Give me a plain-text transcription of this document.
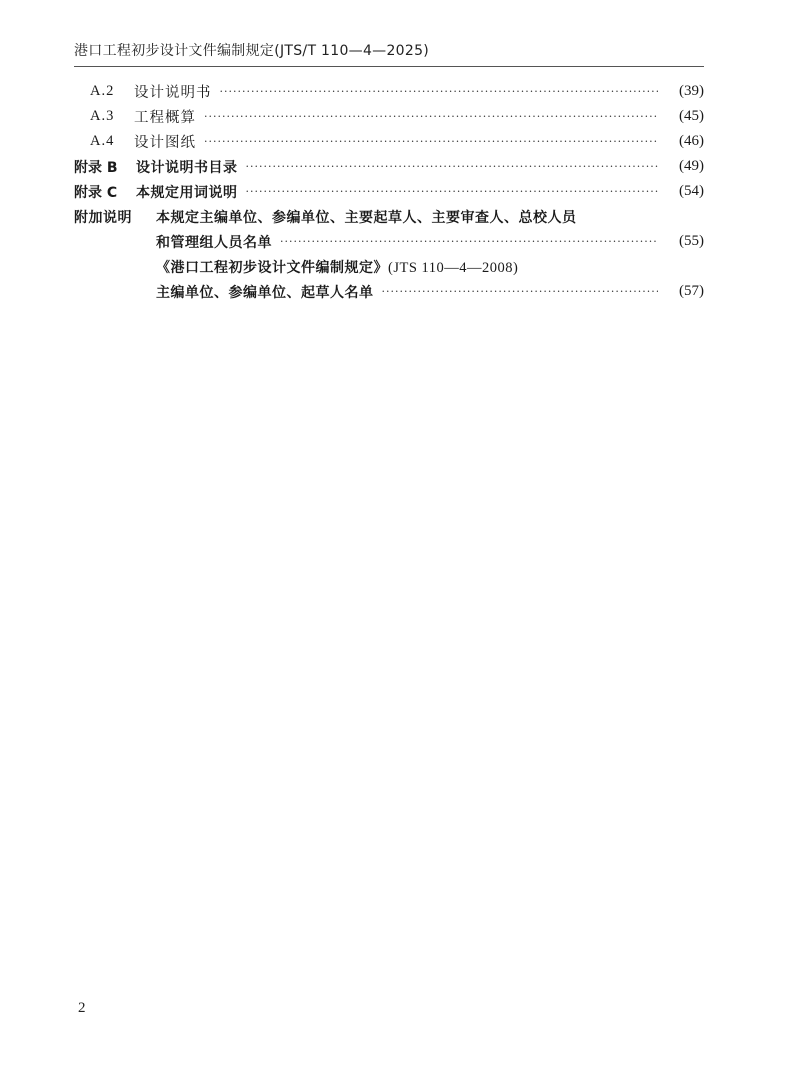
港口工程初步设计文件编制规定(JTS/T 110—4—2025)
A.2	设计说明书 ·····	(39)
A.3	工程概算 ·····	(45)
A.4	设计图纸 ·····	(46)
附录 B	设计说明书目录 ·····	(49)
附录 C	本规定用词说明 ·····	(54)
附加说明	本规定主编单位、参编单位、主要起草人、主要审查人、总校人员
和管理组人员名单 ·····	(55)
《港口工程初步设计文件编制规定》(JTS 110—4—2008)
主编单位、参编单位、起草人名单 ·····	(57)
2
